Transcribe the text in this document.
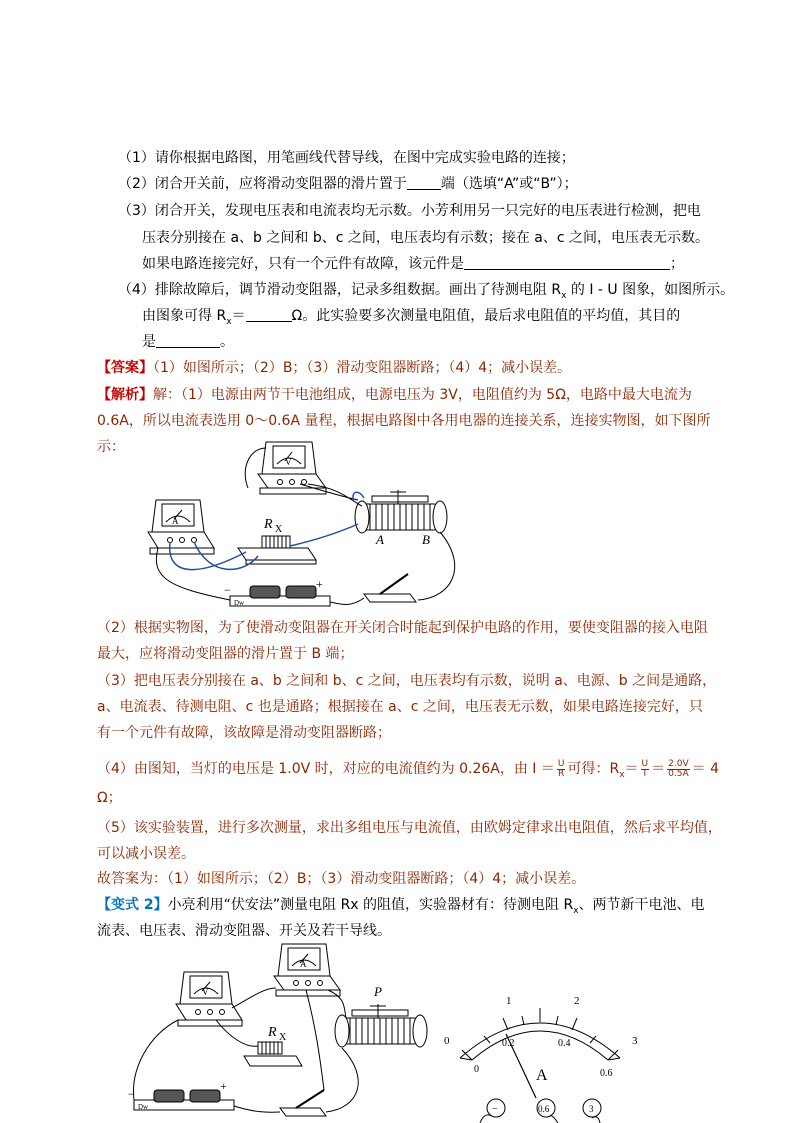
（1）请你根据电路图，用笔画线代替导线，在图中完成实验电路的连接；
（2）闭合开关前，应将滑动变阻器的滑片置于 端（选填“A”或“B”）；
（3）闭合开关，发现电压表和电流表均无示数。小芳利用另一只完好的电压表进行检测，把电
压表分别接在 a、b 之间和 b、c 之间，电压表均有示数；接在 a、c 之间，电压表无示数。
如果电路连接完好，只有一个元件有故障，该元件是	；
（4）排除故障后，调节滑动变阻器，记录多组数据。画出了待测电阻 $R_x$ 的 I - U 图象，如图所示。
由图象可得 $R_x=$	Ω。此实验要多次测量电阻值，最后求电阻值的平均值，其目的
是	。
【答案】（1）如图所示；（2）B；（3）滑动变阻器断路；（4）4；减小误差。
【解析】解：（1）电源由两节干电池组成，电源电压为 3V，电阻值约为 5Ω，电路中最大电流为
0.6A，所以电流表选用 0～0.6A 量程，根据电路图中各用电器的连接关系，连接实物图，如下图所
示：
A
V
R X
A	B
−	+
Dw
（2）根据实物图，为了使滑动变阻器在开关闭合时能起到保护电路的作用，要使变阻器的接入电阻
最大，应将滑动变阻器的滑片置于 B 端；
（3）把电压表分别接在 a、b 之间和 b、c 之间，电压表均有示数，说明 a、电源、b 之间是通路，
a、电流表、待测电阻、c 也是通路；根据接在 a、c 之间，电压表无示数，如果电路连接完好，只
有一个元件有故障，该故障是滑动变阻器断路；
（4）由图知，当灯的电压是 1.0V 时，对应的电流值约为 0.26A，由 $I = \frac{U}{R}$ 可得：$R_x= \frac{U}{I} = \frac{2.0V}{0.5A} = 4$
Ω；
（5）该实验装置，进行多次测量，求出多组电压与电流值，由欧姆定律求出电阻值，然后求平均值，
可以减小误差。
故答案为：（1）如图所示；（2）B；（3）滑动变阻器断路；（4）4；减小误差。
【变式 2】小亮利用“伏安法”测量电阻 Rx 的阻值，实验器材有：待测电阻 $R_x$、两节新干电池、电
流表、电压表、滑动变阻器、开关及若干导线。
V
A
R X
P
−
+
Dw
0
1	2
3
0.2	0.4
0.6
0	A
−	0.6	3
